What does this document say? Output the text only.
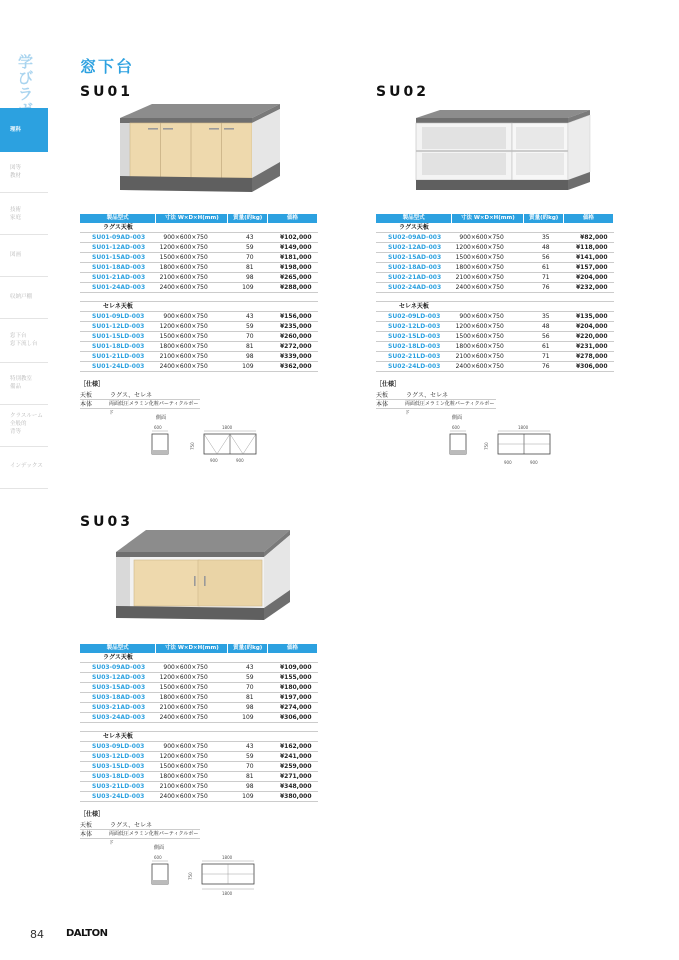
学び
ラ
理科
図等
教材
技術
家庭
図画
収納戸棚
窓下台
窓下流し台
特別教室
備品
クラスルーム
全般的
背等
インデックス
窓下台
SU01	SU02
SU03
製品型式	寸法 W×D×H(mm)	質量(約kg)	価格
ラグス天板			
SU01-09AD-003	900×600×750	43	¥102,000
SU01-12AD-003	1200×600×750	59	¥149,000
SU01-15AD-003	1500×600×750	70	¥181,000
SU01-18AD-003	1800×600×750	81	¥198,000
SU01-21AD-003	2100×600×750	98	¥265,000
SU01-24AD-003	2400×600×750	109	¥288,000

セレネ天板			
SU01-09LD-003	900×600×750	43	¥156,000
SU01-12LD-003	1200×600×750	59	¥235,000
SU01-15LD-003	1500×600×750	70	¥260,000
SU01-18LD-003	1800×600×750	81	¥272,000
SU01-21LD-003	2100×600×750	98	¥339,000
SU01-24LD-003	2400×600×750	109	¥362,000
製品型式	寸法 W×D×H(mm)	質量(約kg)	価格
ラグス天板			
SU02-09AD-003	900×600×750	35	¥82,000
SU02-12AD-003	1200×600×750	48	¥118,000
SU02-15AD-003	1500×600×750	56	¥141,000
SU02-18AD-003	1800×600×750	61	¥157,000
SU02-21AD-003	2100×600×750	71	¥204,000
SU02-24AD-003	2400×600×750	76	¥232,000

セレネ天板			
SU02-09LD-003	900×600×750	35	¥135,000
SU02-12LD-003	1200×600×750	48	¥204,000
SU02-15LD-003	1500×600×750	56	¥220,000
SU02-18LD-003	1800×600×750	61	¥231,000
SU02-21LD-003	2100×600×750	71	¥278,000
SU02-24LD-003	2400×600×750	76	¥306,000
製品型式	寸法 W×D×H(mm)	質量(約kg)	価格
ラグス天板			
SU03-09AD-003	900×600×750	43	¥109,000
SU03-12AD-003	1200×600×750	59	¥155,000
SU03-15AD-003	1500×600×750	70	¥180,000
SU03-18AD-003	1800×600×750	81	¥197,000
SU03-21AD-003	2100×600×750	98	¥274,000
SU03-24AD-003	2400×600×750	109	¥306,000

セレネ天板			
SU03-09LD-003	900×600×750	43	¥162,000
SU03-12LD-003	1200×600×750	59	¥241,000
SU03-15LD-003	1500×600×750	70	¥259,000
SU03-18LD-003	1800×600×750	81	¥271,000
SU03-21LD-003	2100×600×750	98	¥348,000
SU03-24LD-003	2400×600×750	109	¥380,000
［仕様］
天板	ラグス、セレネ
本体	両面低圧メラミン化粧パーティクルボード
［仕様］
天板	ラグス、セレネ
本体	両面低圧メラミン化粧パーティクルボード
［仕様］
天板	ラグス、セレネ
本体	両面低圧メラミン化粧パーティクルボード
側面
600	1800
750
900	900
側面
600	1800
750
900	900
側面
600	1800
750
1800
84 DALTON
